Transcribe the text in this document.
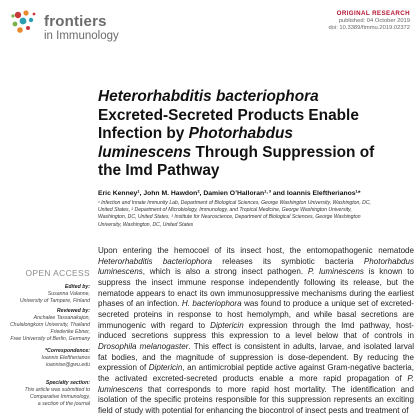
frontiers
in Immunology
ORIGINAL RESEARCH
published: 04 October 2019
doi: 10.3389/fimmu.2019.02372
Heterorhabditis bacteriophora
Excreted-Secreted Products Enable
Infection by Photorhabdus
luminescens Through Suppression of
the Imd Pathway
Eric Kenney¹, John M. Hawdon², Damien O’Halloran¹·³ and Ioannis Eleftherianos¹*
¹ Infection and Innate Immunity Lab, Department of Biological Sciences, George Washington University, Washington, DC,
United States, ² Department of Microbiology, Immunology, and Tropical Medicine, George Washington University,
Washington, DC, United States, ³ Institute for Neuroscience, Department of Biological Sciences, George Washington
University, Washington, DC, United States
OPEN ACCESS
Edited by:
Susanna Valanne,
University of Tampere, Finland
Reviewed by:
Anchalee Tassanakajon,
Chulalongkorn University, Thailand
Friederike Ebner,
Free University of Berlin, Germany
*Correspondence:
Ioannis Eleftherianos
ioannise@gwu.edu
Specialty section:
This article was submitted to
Comparative Immunology,
a section of the journal

Upon entering the hemocoel of its insect host, the entomopathogenic nematode Heterorhabditis bacteriophora releases its symbiotic bacteria Photorhabdus luminescens, which is also a strong insect pathogen. P. luminescens is known to suppress the insect immune response independently following its release, but the nematode appears to enact its own immunosuppressive mechanisms during the earliest phases of an infection. H. bacteriophora was found to produce a unique set of excreted-secreted proteins in response to host hemolymph, and while basal secretions are immunogenic with regard to Diptericin expression through the Imd pathway, host-induced secretions suppress this expression to a level below that of controls in Drosophila melanogaster. This effect is consistent in adults, larvae, and isolated larval fat bodies, and the magnitude of suppression is dose-dependent. By reducing the expression of Diptericin, an antimicrobial peptide active against Gram-negative bacteria, the activated excreted-secreted products enable a more rapid propagation of P. luminescens that corresponds to more rapid host mortality. The identification and isolation of the specific proteins responsible for this suppression represents an exciting field of study with potential for enhancing the biocontrol of insect pests and treatment of
